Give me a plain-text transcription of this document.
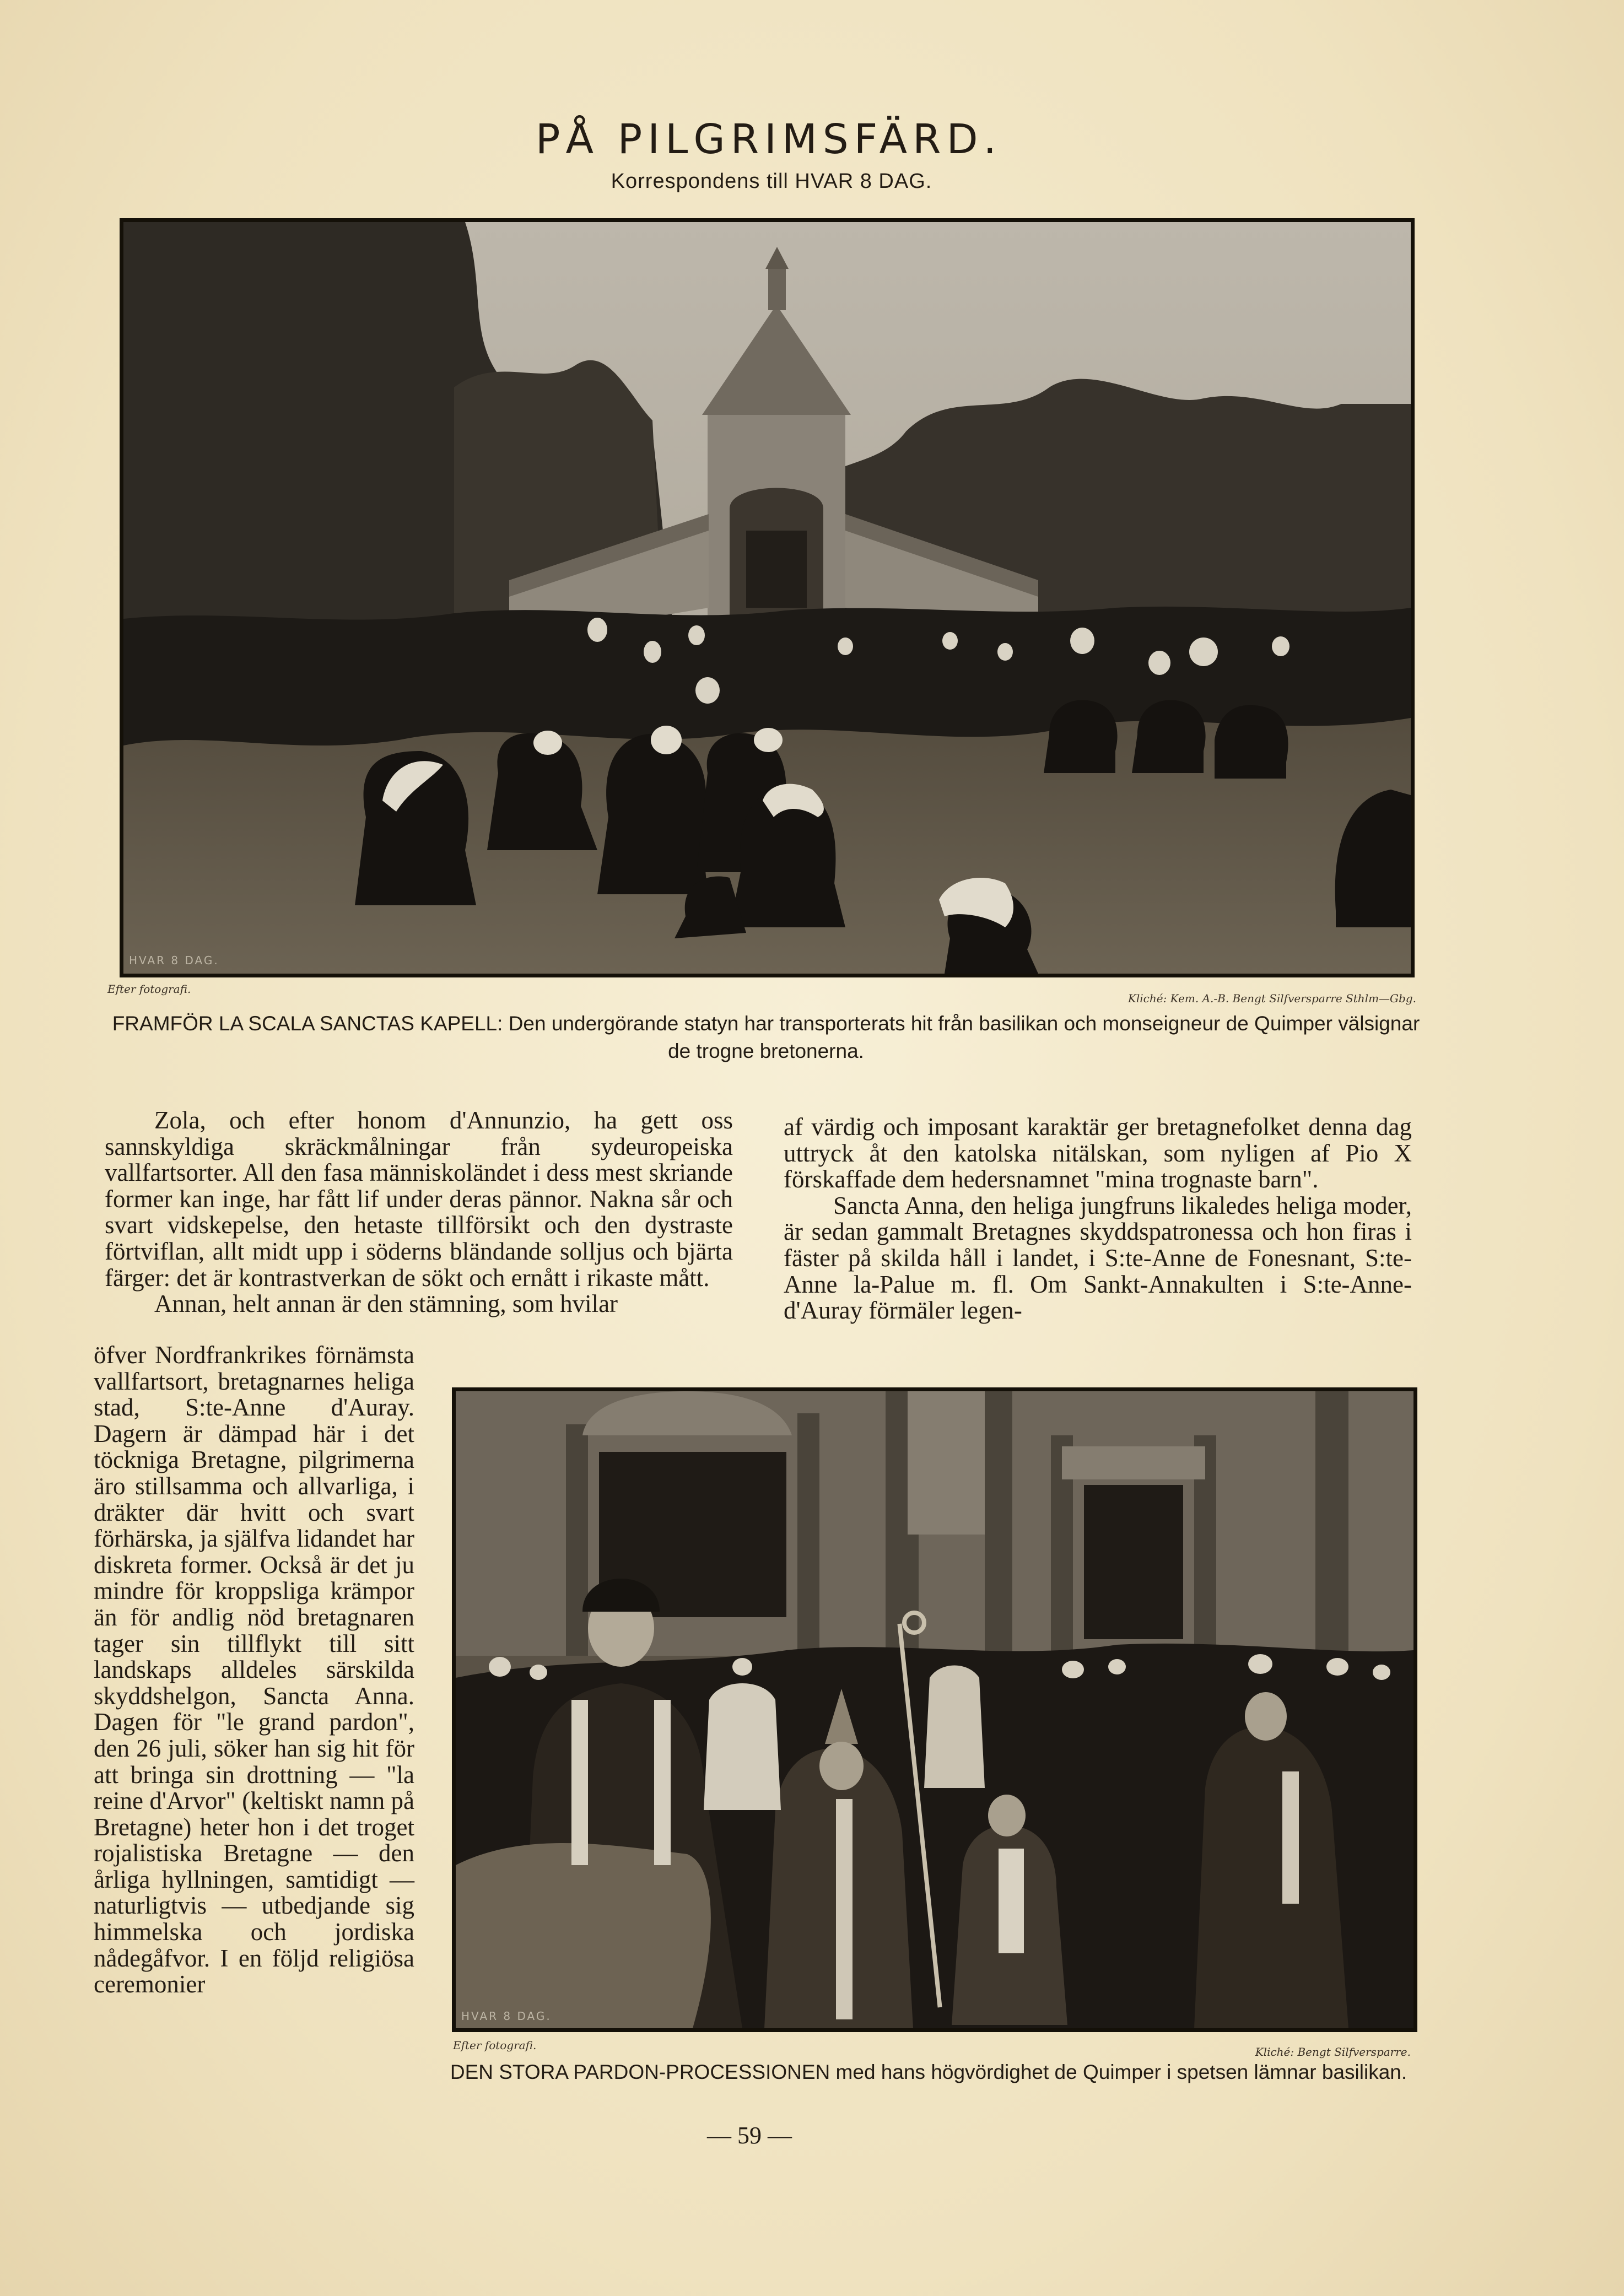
PÅ PILGRIMSFÄRD.
Korrespondens till HVAR 8 DAG.
HVAR 8 DAG.
Efter fotografi.
Kliché: Kem. A.-B. Bengt Silfversparre Sthlm—Gbg.
FRAMFÖR LA SCALA SANCTAS KAPELL: Den undergörande statyn har transporterats hit från basilikan och monseigneur de Quimper välsignar de trogne bretonerna.

Zola, och efter honom d'Annunzio, ha gett oss sannskyldiga skräckmålningar från sydeuropeiska vallfartsorter. All den fasa människoländet i dess mest skriande former kan inge, har fått lif under deras pännor. Nakna sår och svart vidskepelse, den hetaste tillförsikt och den dystraste förtviflan, allt midt upp i söderns bländande solljus och bjärta färger: det är kontrastverkan de sökt och ernått i rikaste mått.

Annan, helt annan är den stämning, som hvilar

öfver Nordfrankrikes förnämsta vallfartsort, bretagnarnes heliga stad, S:te-Anne d'Auray. Dagern är dämpad här i det töckniga Bretagne, pilgrimerna äro stillsamma och allvarliga, i dräkter där hvitt och svart förhärska, ja själfva lidandet har diskreta former. Också är det ju mindre för kroppsliga krämpor än för andlig nöd bretagnaren tager sin tillflykt till sitt landskaps alldeles särskilda skyddshelgon, Sancta Anna. Dagen för "le grand pardon", den 26 juli, söker han sig hit för att bringa sin drottning — "la reine d'Arvor" (keltiskt namn på Bretagne) heter hon i det troget rojalistiska Bretagne — den årliga hyllningen, samtidigt — naturligtvis — utbedjande sig himmelska och jordiska nådegåfvor. I en följd religiösa ceremonier

af värdig och imposant karaktär ger bretagnefolket denna dag uttryck åt den katolska nitälskan, som nyligen af Pio X förskaffade dem hedersnamnet "mina trognaste barn".

Sancta Anna, den heliga jungfruns likaledes heliga moder, är sedan gammalt Bretagnes skyddspatronessa och hon firas i fäster på skilda håll i landet, i S:te-Anne de Fonesnant, S:te-Anne la-Palue m. fl. Om Sankt-Annakulten i S:te-Anne-d'Auray förmäler legen-

HVAR 8 DAG.
Efter fotografi.	Kliché: Bengt Silfversparre.
DEN STORA PARDON-PROCESSIONEN med hans högvördighet de Quimper i spetsen lämnar basilikan.
— 59 —
